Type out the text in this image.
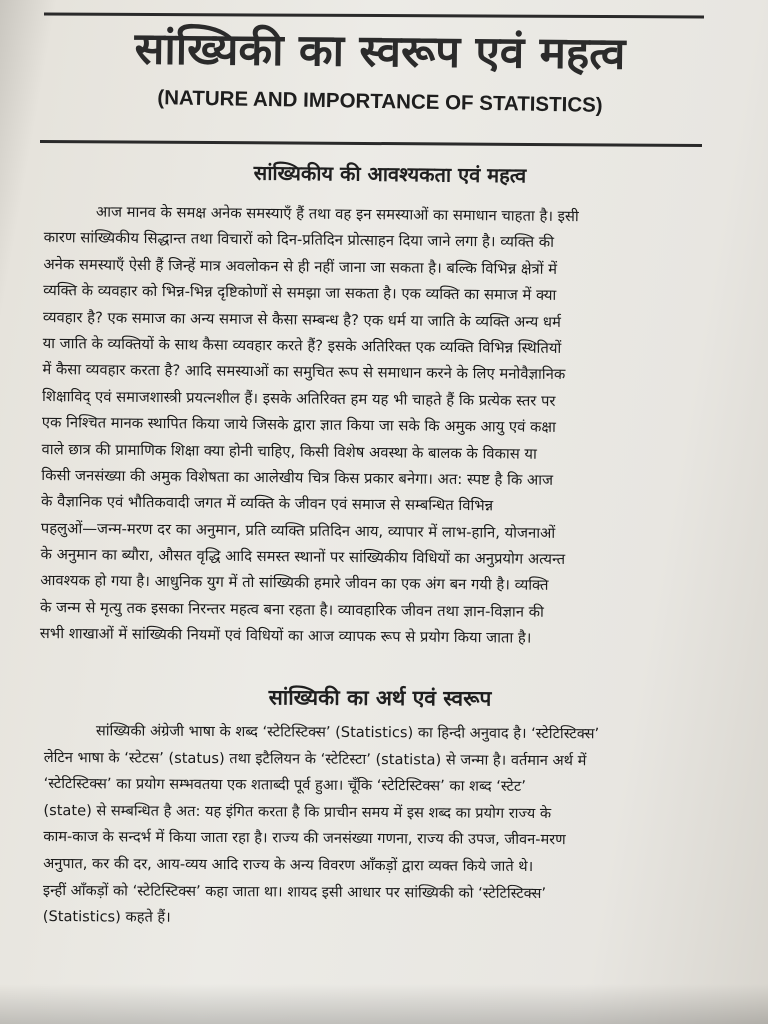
सांख्यिकी का स्वरूप एवं महत्व
(NATURE AND IMPORTANCE OF STATISTICS)
सांख्यिकीय की आवश्यकता एवं महत्व
आज मानव के समक्ष अनेक समस्याएँ हैं तथा वह इन समस्याओं का समाधान चाहता है। इसी
कारण सांख्यिकीय सिद्धान्त तथा विचारों को दिन-प्रतिदिन प्रोत्साहन दिया जाने लगा है। व्यक्ति की
अनेक समस्याएँ ऐसी हैं जिन्हें मात्र अवलोकन से ही नहीं जाना जा सकता है। बल्कि विभिन्न क्षेत्रों में
व्यक्ति के व्यवहार को भिन्न-भिन्न दृष्टिकोणों से समझा जा सकता है। एक व्यक्ति का समाज में क्या
व्यवहार है? एक समाज का अन्य समाज से कैसा सम्बन्ध है? एक धर्म या जाति के व्यक्ति अन्य धर्म
या जाति के व्यक्तियों के साथ कैसा व्यवहार करते हैं? इसके अतिरिक्त एक व्यक्ति विभिन्न स्थितियों
में कैसा व्यवहार करता है? आदि समस्याओं का समुचित रूप से समाधान करने के लिए मनोवैज्ञानिक
शिक्षाविद् एवं समाजशास्त्री प्रयत्नशील हैं। इसके अतिरिक्त हम यह भी चाहते हैं कि प्रत्येक स्तर पर
एक निश्चित मानक स्थापित किया जाये जिसके द्वारा ज्ञात किया जा सके कि अमुक आयु एवं कक्षा
वाले छात्र की प्रामाणिक शिक्षा क्या होनी चाहिए, किसी विशेष अवस्था के बालक के विकास या
किसी जनसंख्या की अमुक विशेषता का आलेखीय चित्र किस प्रकार बनेगा। अत: स्पष्ट है कि आज
के वैज्ञानिक एवं भौतिकवादी जगत में व्यक्ति के जीवन एवं समाज से सम्बन्धित विभिन्न
पहलुओं—जन्म-मरण दर का अनुमान, प्रति व्यक्ति प्रतिदिन आय, व्यापार में लाभ-हानि, योजनाओं
के अनुमान का ब्यौरा, औसत वृद्धि आदि समस्त स्थानों पर सांख्यिकीय विधियों का अनुप्रयोग अत्यन्त
आवश्यक हो गया है। आधुनिक युग में तो सांख्यिकी हमारे जीवन का एक अंग बन गयी है। व्यक्ति
के जन्म से मृत्यु तक इसका निरन्तर महत्व बना रहता है। व्यावहारिक जीवन तथा ज्ञान-विज्ञान की
सभी शाखाओं में सांख्यिकी नियमों एवं विधियों का आज व्यापक रूप से प्रयोग किया जाता है।
सांख्यिकी का अर्थ एवं स्वरूप
सांख्यिकी अंग्रेजी भाषा के शब्द ‘स्टेटिस्टिक्स’ (Statistics) का हिन्दी अनुवाद है। ‘स्टेटिस्टिक्स’
लेटिन भाषा के ‘स्टेटस’ (status) तथा इटैलियन के ‘स्टेटिस्टा’ (statista) से जन्मा है। वर्तमान अर्थ में
‘स्टेटिस्टिक्स’ का प्रयोग सम्भवतया एक शताब्दी पूर्व हुआ। चूँकि ‘स्टेटिस्टिक्स’ का शब्द ‘स्टेट’
(state) से सम्बन्धित है अत: यह इंगित करता है कि प्राचीन समय में इस शब्द का प्रयोग राज्य के
काम-काज के सन्दर्भ में किया जाता रहा है। राज्य की जनसंख्या गणना, राज्य की उपज, जीवन-मरण
अनुपात, कर की दर, आय-व्यय आदि राज्य के अन्य विवरण आँकड़ों द्वारा व्यक्त किये जाते थे।
इन्हीं आँकड़ों को ‘स्टेटिस्टिक्स’ कहा जाता था। शायद इसी आधार पर सांख्यिकी को ‘स्टेटिस्टिक्स’
(Statistics) कहते हैं।
